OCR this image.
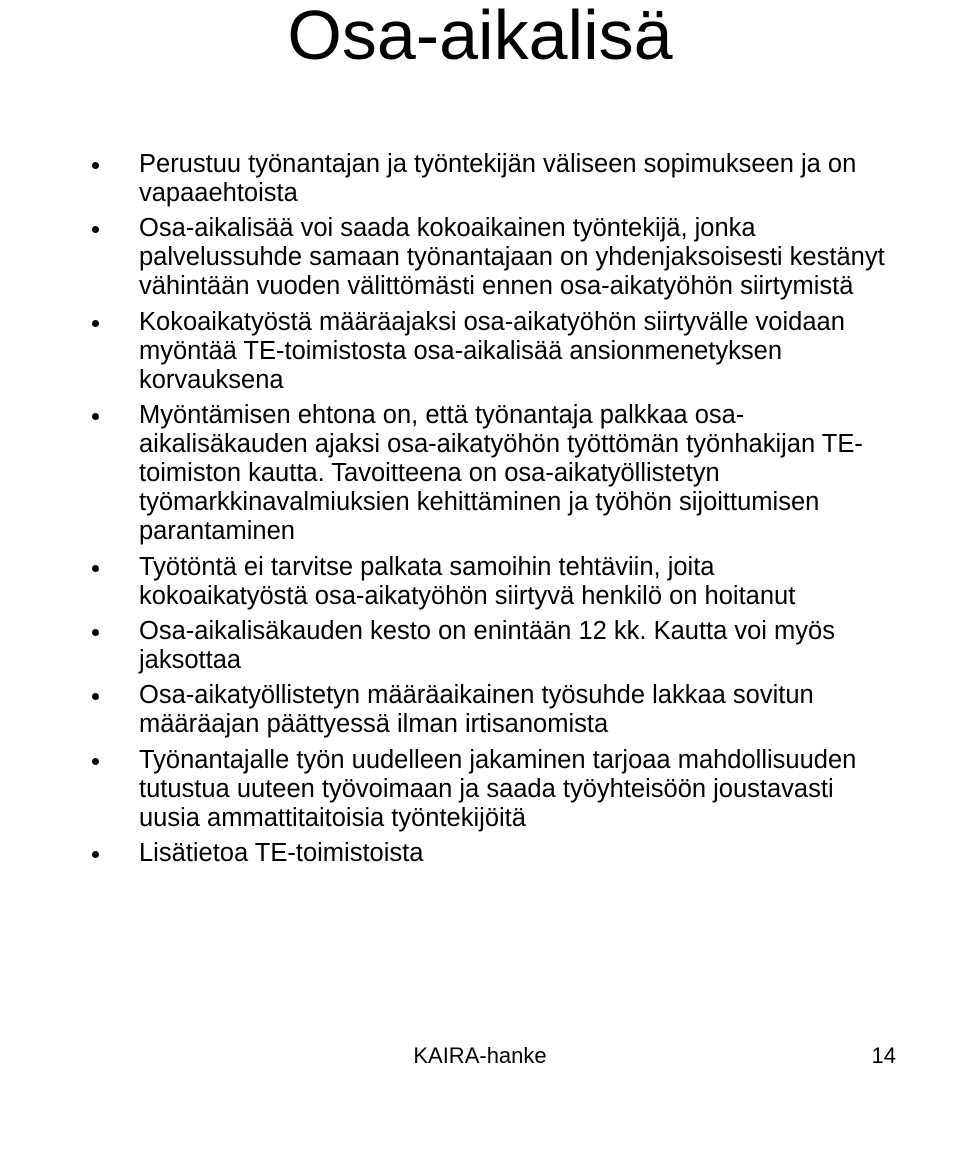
Osa-aikalisä
Perustuu työnantajan ja työntekijän väliseen sopimukseen ja on vapaaehtoista
Osa-aikalisää voi saada kokoaikainen työntekijä, jonka palvelussuhde samaan työnantajaan on yhdenjaksoisesti kestänyt vähintään vuoden välittömästi ennen osa-aikatyöhön siirtymistä
Kokoaikatyöstä määräajaksi osa-aikatyöhön siirtyvälle voidaan myöntää TE-toimistosta osa-aikalisää ansionmenetyksen korvauksena
Myöntämisen ehtona on, että työnantaja palkkaa osa-aikalisäkauden ajaksi osa-aikatyöhön työttömän työnhakijan TE-toimiston kautta. Tavoitteena on osa-aikatyöllistetyn työmarkkinavalmiuksien kehittäminen ja työhön sijoittumisen parantaminen
Työtöntä ei tarvitse palkata samoihin tehtäviin, joita kokoaikatyöstä osa-aikatyöhön siirtyvä henkilö on hoitanut
Osa-aikalisäkauden kesto on enintään 12 kk. Kautta voi myös jaksottaa
Osa-aikatyöllistetyn määräaikainen työsuhde lakkaa sovitun määräajan päättyessä ilman irtisanomista
Työnantajalle työn uudelleen jakaminen tarjoaa mahdollisuuden tutustua uuteen työvoimaan ja saada työyhteisöön joustavasti uusia ammattitaitoisia työntekijöitä
Lisätietoa TE-toimistoista
KAIRA-hanke	14
